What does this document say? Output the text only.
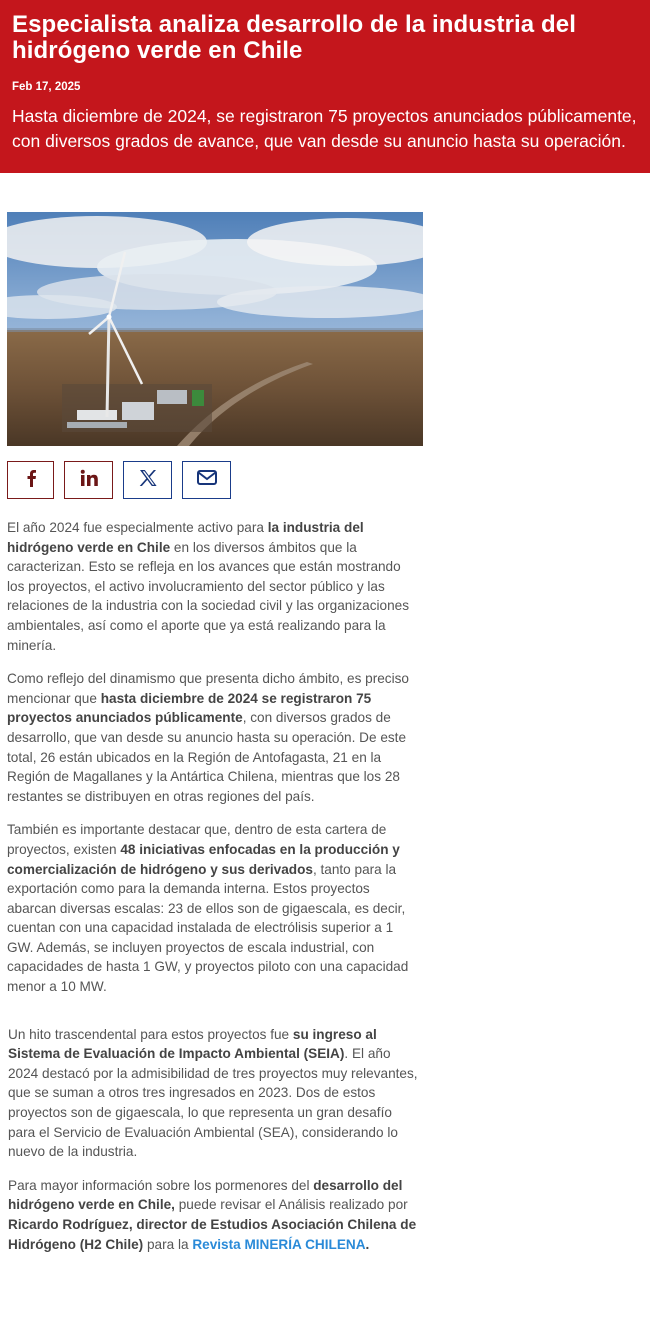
Especialista analiza desarrollo de la industria del hidrógeno verde en Chile
Feb 17, 2025
Hasta diciembre de 2024, se registraron 75 proyectos anunciados públicamente, con diversos grados de avance, que van desde su anuncio hasta su operación.

El año 2024 fue especialmente activo para la industria del hidrógeno verde en Chile en los diversos ámbitos que la caracterizan. Esto se refleja en los avances que están mostrando los proyectos, el activo involucramiento del sector público y las relaciones de la industria con la sociedad civil y las organizaciones ambientales, así como el aporte que ya está realizando para la minería.

Como reflejo del dinamismo que presenta dicho ámbito, es preciso mencionar que hasta diciembre de 2024 se registraron 75 proyectos anunciados públicamente, con diversos grados de desarrollo, que van desde su anuncio hasta su operación. De este total, 26 están ubicados en la Región de Antofagasta, 21 en la Región de Magallanes y la Antártica Chilena, mientras que los 28 restantes se distribuyen en otras regiones del país.

También es importante destacar que, dentro de esta cartera de proyectos, existen 48 iniciativas enfocadas en la producción y comercialización de hidrógeno y sus derivados, tanto para la exportación como para la demanda interna. Estos proyectos abarcan diversas escalas: 23 de ellos son de gigaescala, es decir, cuentan con una capacidad instalada de electrólisis superior a 1 GW. Además, se incluyen proyectos de escala industrial, con capacidades de hasta 1 GW, y proyectos piloto con una capacidad menor a 10 MW.

Un hito trascendental para estos proyectos fue su ingreso al Sistema de Evaluación de Impacto Ambiental (SEIA). El año 2024 destacó por la admisibilidad de tres proyectos muy relevantes, que se suman a otros tres ingresados en 2023. Dos de estos proyectos son de gigaescala, lo que representa un gran desafío para el Servicio de Evaluación Ambiental (SEA), considerando lo nuevo de la industria.

Para mayor información sobre los pormenores del desarrollo del hidrógeno verde en Chile, puede revisar el Análisis realizado por Ricardo Rodríguez, director de Estudios Asociación Chilena de Hidrógeno (H2 Chile) para la Revista MINERÍA CHILENA.
